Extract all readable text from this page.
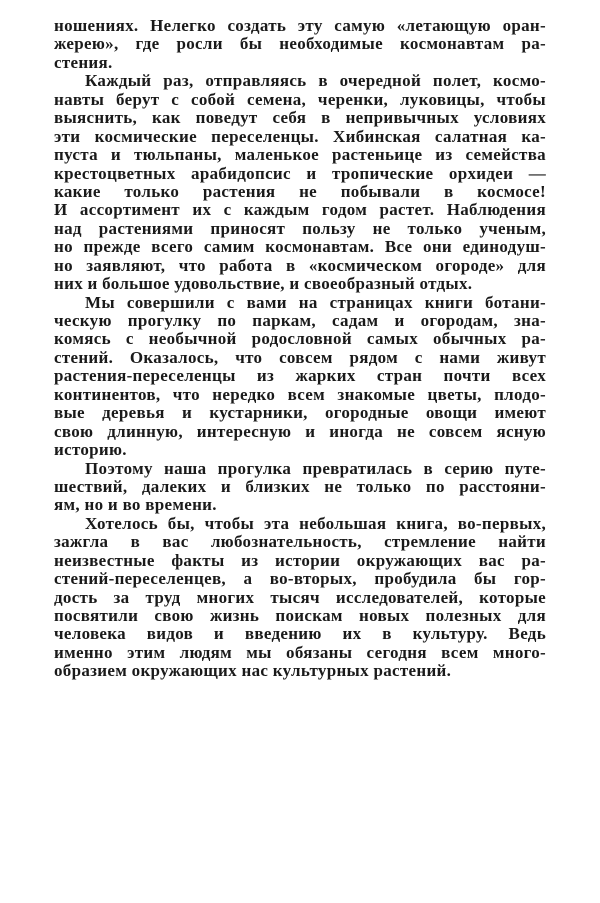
ношениях. Нелегко создать эту самую «летающую оран-
жерею», где росли бы необходимые космонавтам ра-
стения.
Каждый раз, отправляясь в очередной полет, космо-
навты берут с собой семена, черенки, луковицы, чтобы
выяснить, как поведут себя в непривычных условиях
эти космические переселенцы. Хибинская салатная ка-
пуста и тюльпаны, маленькое растеньице из семейства
крестоцветных арабидопсис и тропические орхидеи —
какие только растения не побывали в космосе!
И ассортимент их с каждым годом растет. Наблюдения
над растениями приносят пользу не только ученым,
но прежде всего самим космонавтам. Все они единодуш-
но заявляют, что работа в «космическом огороде» для
них и большое удовольствие, и своеобразный отдых.
Мы совершили с вами на страницах книги ботани-
ческую прогулку по паркам, садам и огородам, зна-
комясь с необычной родословной самых обычных ра-
стений. Оказалось, что совсем рядом с нами живут
растения-переселенцы из жарких стран почти всех
континентов, что нередко всем знакомые цветы, плодо-
вые деревья и кустарники, огородные овощи имеют
свою длинную, интересную и иногда не совсем ясную
историю.
Поэтому наша прогулка превратилась в серию путе-
шествий, далеких и близких не только по расстояни-
ям, но и во времени.
Хотелось бы, чтобы эта небольшая книга, во-первых,
зажгла в вас любознательность, стремление найти
неизвестные факты из истории окружающих вас ра-
стений-переселенцев, а во-вторых, пробудила бы гор-
дость за труд многих тысяч исследователей, которые
посвятили свою жизнь поискам новых полезных для
человека видов и введению их в культуру. Ведь
именно этим людям мы обязаны сегодня всем много-
образием окружающих нас культурных растений.
